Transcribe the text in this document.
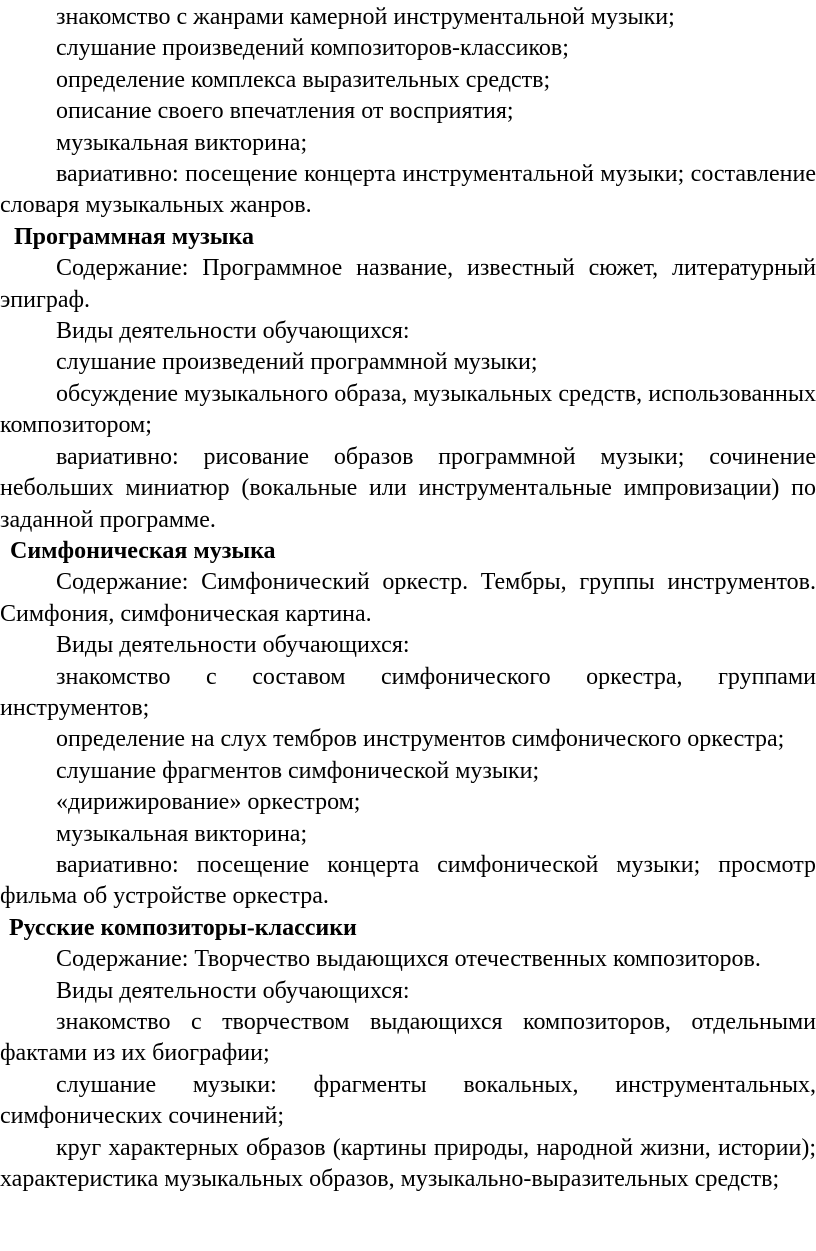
знакомство с жанрами камерной инструментальной музыки;

слушание произведений композиторов-классиков;

определение комплекса выразительных средств;

описание своего впечатления от восприятия;

музыкальная викторина;

вариативно: посещение концерта инструментальной музыки; составление словаря музыкальных жанров.

Программная музыка

Содержание: Программное название, известный сюжет, литературный эпиграф.

Виды деятельности обучающихся:

слушание произведений программной музыки;

обсуждение музыкального образа, музыкальных средств, использованных композитором;

вариативно: рисование образов программной музыки; сочинение небольших миниатюр (вокальные или инструментальные импровизации) по заданной программе.

Симфоническая музыка

Содержание: Симфонический оркестр. Тембры, группы инструментов. Симфония, симфоническая картина.

Виды деятельности обучающихся:

знакомство с составом симфонического оркестра, группами инструментов;

определение на слух тембров инструментов симфонического оркестра;

слушание фрагментов симфонической музыки;

«дирижирование» оркестром;

музыкальная викторина;

вариативно: посещение концерта симфонической музыки; просмотр фильма об устройстве оркестра.

Русские композиторы-классики

Содержание: Творчество выдающихся отечественных композиторов.

Виды деятельности обучающихся:

знакомство с творчеством выдающихся композиторов, отдельными фактами из их биографии;

слушание музыки: фрагменты вокальных, инструментальных, симфонических сочинений;

круг характерных образов (картины природы, народной жизни, истории); характеристика музыкальных образов, музыкально-выразительных средств;
